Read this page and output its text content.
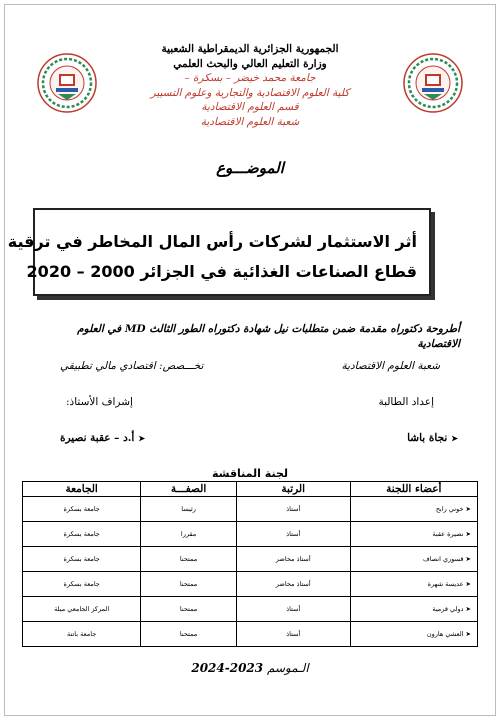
الجمهورية الجزائرية الديمقراطية الشعبية
وزارة التعليم العالي والبحث العلمي
جامعة محمد خيضر – بسكرة –
كلية العلوم الاقتصادية والتجارية وعلوم التسيير
قسم العلوم الاقتصادية
شعبة العلوم الاقتصادية
الموضـــوع
أثر الاستثمار لشركات رأس المال المخاطر في ترقية
قطاع الصناعات الغذائية في الجزائر 2000 – 2020
أطروحة دكتوراه مقدمة ضمن متطلبات نيل شهادة دكتوراه الطور الثالث MD في العلوم الاقتصادية
شعبة العلوم الاقتصادية
تخـــصص: اقتصادي مالي تطبيقي
إعداد الطالبة
إشراف الأستاذ:
➤نجاة باشا
➤أ.د – عقبة نصيرة
لجنة المناقشة
أعضاء اللجنة	الرتبة	الصفـــة	الجامعة
➤ خوني رابح	أستاذ	رئيسا	جامعة بسكرة
➤ نصيرة عقبة	أستاذ	مقررا	جامعة بسكرة
➤ قسوري انصاف	أستاذ محاضر	ممتحنا	جامعة بسكرة
➤ عديسة شهرة	أستاذ محاضر	ممتحنا	جامعة بسكرة
➤ دولي قرمية	أستاذ	ممتحنا	المركز الجامعي ميلة
➤ العشي هارون	أستاذ	ممتحنا	جامعة باتنة
الـموسم 2023-2024
